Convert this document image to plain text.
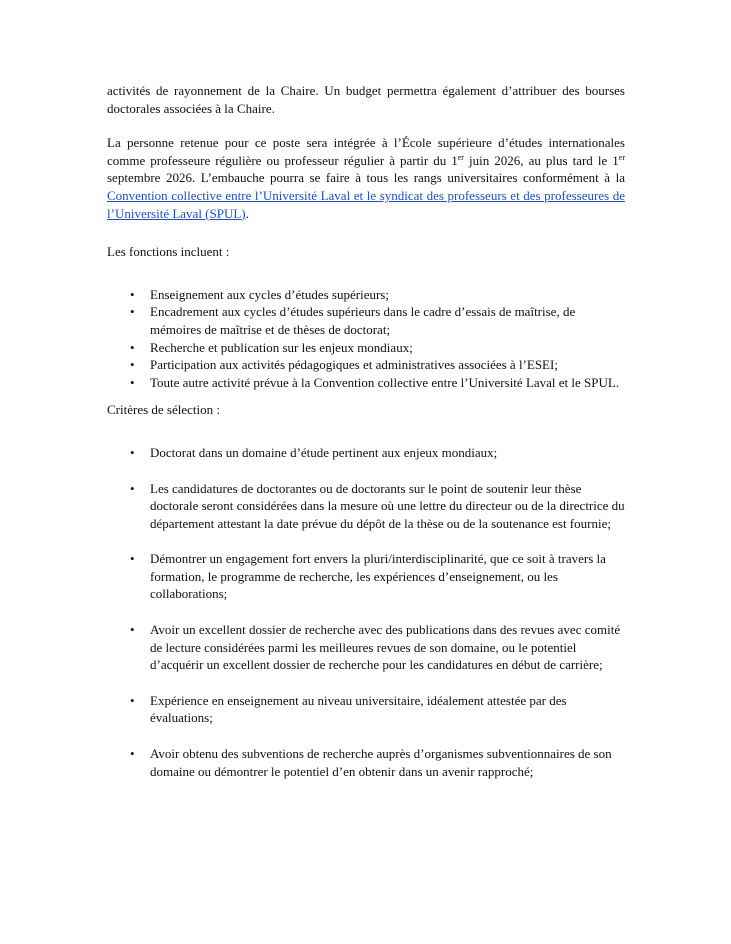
activités de rayonnement de la Chaire. Un budget permettra également d’attribuer des bourses doctorales associées à la Chaire.

La personne retenue pour ce poste sera intégrée à l’École supérieure d’études internationales comme professeure régulière ou professeur régulier à partir du 1er juin 2026, au plus tard le 1er septembre 2026. L’embauche pourra se faire à tous les rangs universitaires conformément à la Convention collective entre l’Université Laval et le syndicat des professeurs et des professeures de l’Université Laval (SPUL).

Les fonctions incluent :

• Enseignement aux cycles d’études supérieurs;
• Encadrement aux cycles d’études supérieurs dans le cadre d’essais de maîtrise, de mémoires de maîtrise et de thèses de doctorat;
• Recherche et publication sur les enjeux mondiaux;
• Participation aux activités pédagogiques et administratives associées à l’ESEI;
• Toute autre activité prévue à la Convention collective entre l’Université Laval et le SPUL.

Critères de sélection :

• Doctorat dans un domaine d’étude pertinent aux enjeux mondiaux;
• Les candidatures de doctorantes ou de doctorants sur le point de soutenir leur thèse doctorale seront considérées dans la mesure où une lettre du directeur ou de la directrice du département attestant la date prévue du dépôt de la thèse ou de la soutenance est fournie;
• Démontrer un engagement fort envers la pluri/interdisciplinarité, que ce soit à travers la formation, le programme de recherche, les expériences d’enseignement, ou les collaborations;
• Avoir un excellent dossier de recherche avec des publications dans des revues avec comité de lecture considérées parmi les meilleures revues de son domaine, ou le potentiel d’acquérir un excellent dossier de recherche pour les candidatures en début de carrière;
• Expérience en enseignement au niveau universitaire, idéalement attestée par des évaluations;
• Avoir obtenu des subventions de recherche auprès d’organismes subventionnaires de son domaine ou démontrer le potentiel d’en obtenir dans un avenir rapproché;
